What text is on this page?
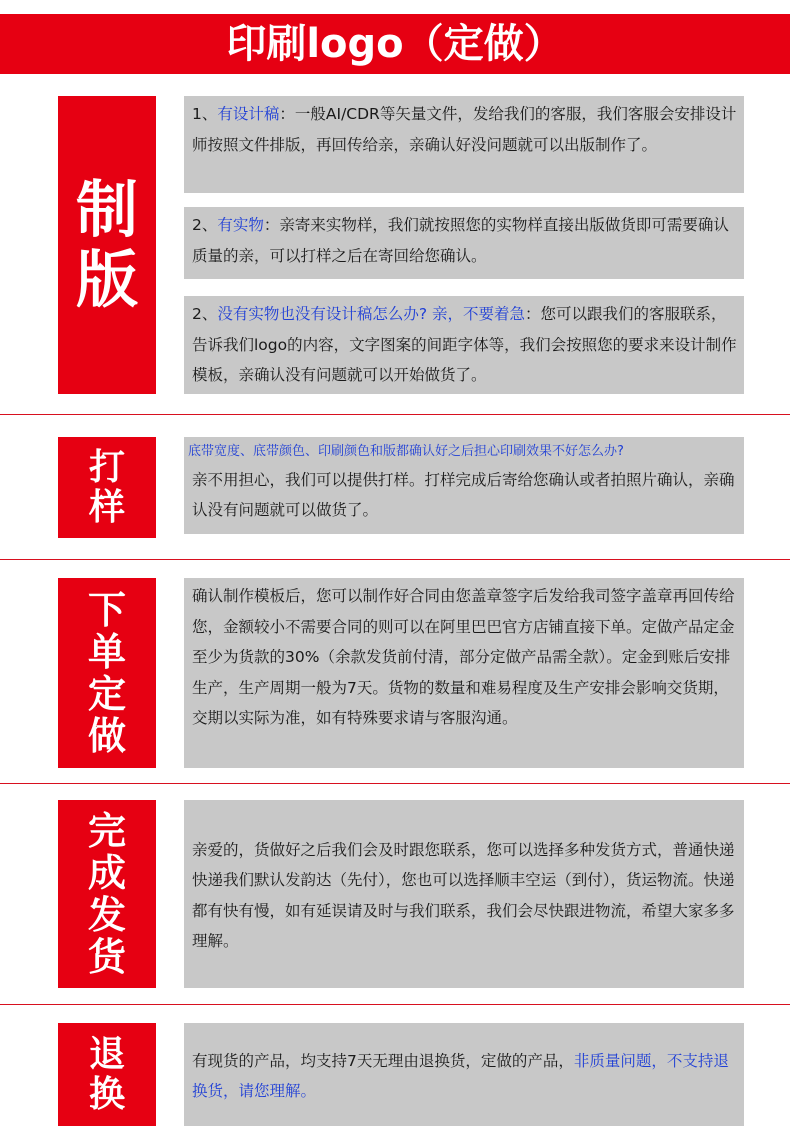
印刷logo（定做）
制
版
1、有设计稿：一般AI/CDR等矢量文件，发给我们的客服，我们客服会安排设计师按照文件排版，再回传给亲，亲确认好没问题就可以出版制作了。
2、有实物：亲寄来实物样，我们就按照您的实物样直接出版做货即可需要确认质量的亲，可以打样之后在寄回给您确认。
2、没有实物也没有设计稿怎么办? 亲，不要着急：您可以跟我们的客服联系，告诉我们logo的内容，文字图案的间距字体等，我们会按照您的要求来设计制作模板，亲确认没有问题就可以开始做货了。
打
样
底带宽度、底带颜色、印刷颜色和版都确认好之后担心印刷效果不好怎么办?
亲不用担心，我们可以提供打样。打样完成后寄给您确认或者拍照片确认，亲确认没有问题就可以做货了。
下
单
定
做
确认制作模板后，您可以制作好合同由您盖章签字后发给我司签字盖章再回传给您，金额较小不需要合同的则可以在阿里巴巴官方店铺直接下单。定做产品定金至少为货款的30%（余款发货前付清，部分定做产品需全款）。定金到账后安排生产，生产周期一般为7天。货物的数量和难易程度及生产安排会影响交货期，交期以实际为准，如有特殊要求请与客服沟通。
完
成
发
货
亲爱的，货做好之后我们会及时跟您联系，您可以选择多种发货方式，普通快递快递我们默认发韵达（先付），您也可以选择顺丰空运（到付），货运物流。快递都有快有慢，如有延误请及时与我们联系，我们会尽快跟进物流，希望大家多多理解。
退
换
有现货的产品，均支持7天无理由退换货，定做的产品，非质量问题，不支持退换货，请您理解。
